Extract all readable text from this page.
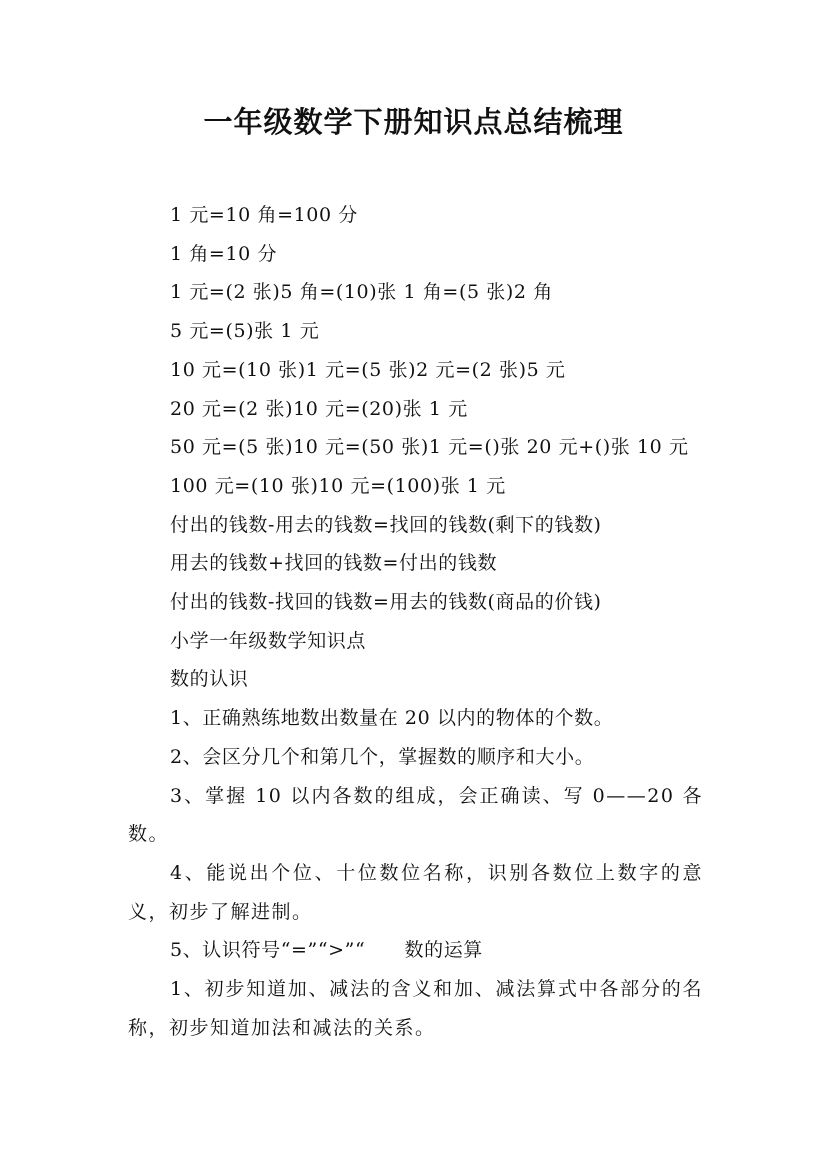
一年级数学下册知识点总结梳理
1 元=10 角=100 分
1 角=10 分
1 元=(2 张)5 角=(10)张 1 角=(5 张)2 角
5 元=(5)张 1 元
10 元=(10 张)1 元=(5 张)2 元=(2 张)5 元
20 元=(2 张)10 元=(20)张 1 元
50 元=(5 张)10 元=(50 张)1 元=()张 20 元+()张 10 元
100 元=(10 张)10 元=(100)张 1 元
付出的钱数-用去的钱数=找回的钱数(剩下的钱数)
用去的钱数+找回的钱数=付出的钱数
付出的钱数-找回的钱数=用去的钱数(商品的价钱)
小学一年级数学知识点
数的认识
1、正确熟练地数出数量在 20 以内的物体的个数。
2、会区分几个和第几个，掌握数的顺序和大小。
3、掌握 10 以内各数的组成，会正确读、写 0——20 各数。
4、能说出个位、十位数位名称，识别各数位上数字的意义，初步了解进制。
5、认识符号“=”“>”“　　数的运算
1、初步知道加、减法的含义和加、减法算式中各部分的名称，初步知道加法和减法的关系。
